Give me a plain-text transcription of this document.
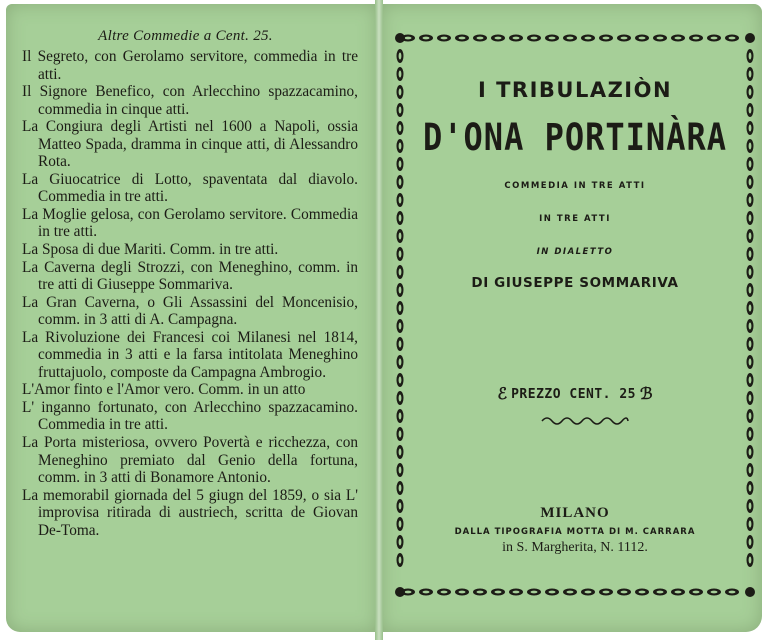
Altre Commedie a Cent. 25.
Il Segreto, con Gerolamo servitore, commedia in tre atti.
Il Signore Benefico, con Arlecchino spazzacamino, commedia in cinque atti.
La Congiura degli Artisti nel 1600 a Napoli, ossia Matteo Spada, dramma in cinque atti, di Alessandro Rota.
La Giuocatrice di Lotto, spaventata dal diavolo. Commedia in tre atti.
La Moglie gelosa, con Gerolamo servitore. Commedia in tre atti.
La Sposa di due Mariti. Comm. in tre atti.
La Caverna degli Strozzi, con Meneghino, comm. in tre atti di Giuseppe Sommariva.
La Gran Caverna, o Gli Assassini del Moncenisio, comm. in 3 atti di A. Campagna.
La Rivoluzione dei Francesi coi Milanesi nel 1814, commedia in 3 atti e la farsa intitolata Meneghino fruttajuolo, composte da Campagna Ambrogio.
L'Amor finto e l'Amor vero. Comm. in un atto
L' inganno fortunato, con Arlecchino spazzacamino. Commedia in tre atti.
La Porta misteriosa, ovvero Povertà e ricchezza, con Meneghino premiato dal Genio della fortuna, comm. in 3 atti di Bonamore Antonio.
La memorabil giornada del 5 giugn del 1859, o sia L' improvisa ritirada di austriech, scritta de Giovan De-Toma.
I TRIBULAZIÒN
D'ONA PORTINÀRA
COMMEDIA IN TRE ATTI
IN TRE ATTI
IN DIALETTO
DI GIUSEPPE SOMMARIVA
ℰ PREZZO CENT. 25 ℬ
MILANO
DALLA TIPOGRAFIA MOTTA DI M. CARRARA
in S. Margherita, N. 1112.
